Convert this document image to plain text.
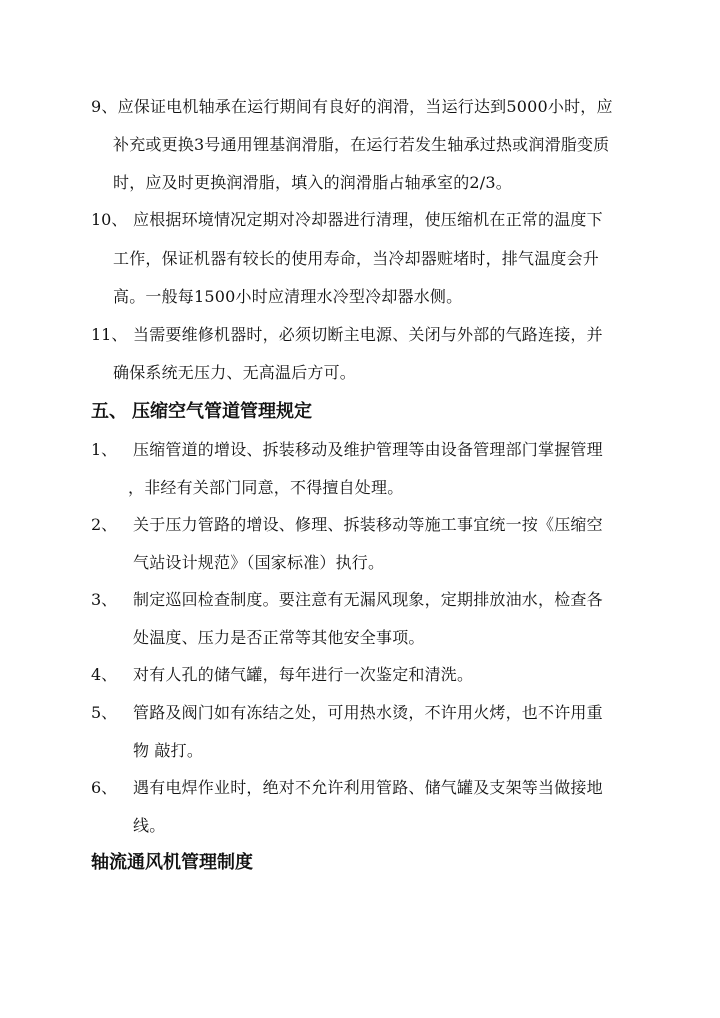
9、应保证电机轴承在运行期间有良好的润滑，当运行达到5000小时，应
补充或更换3号通用锂基润滑脂，在运行若发生轴承过热或润滑脂变质
时，应及时更换润滑脂，填入的润滑脂占轴承室的2/3。
10、 应根据环境情况定期对冷却器进行清理，使压缩机在正常的温度下
工作，保证机器有较长的使用寿命，当冷却器赃堵时，排气温度会升
高。一般每1500小时应清理水冷型冷却器水侧。
11、 当需要维修机器时，必须切断主电源、关闭与外部的气路连接，并
确保系统无压力、无高温后方可。
五、 压缩空气管道管理规定
1、 压缩管道的增设、拆装移动及维护管理等由设备管理部门掌握管理
，非经有关部门同意，不得擅自处理。
2、 关于压力管路的增设、修理、拆装移动等施工事宜统一按《压缩空
气站设计规范》（国家标准）执行。
3、 制定巡回检查制度。要注意有无漏风现象，定期排放油水，检查各
处温度、压力是否正常等其他安全事项。
4、 对有人孔的储气罐，每年进行一次鉴定和清洗。
5、 管路及阀门如有冻结之处，可用热水烫，不许用火烤，也不许用重
物 敲打。
6、 遇有电焊作业时，绝对不允许利用管路、储气罐及支架等当做接地
线。
轴流通风机管理制度
